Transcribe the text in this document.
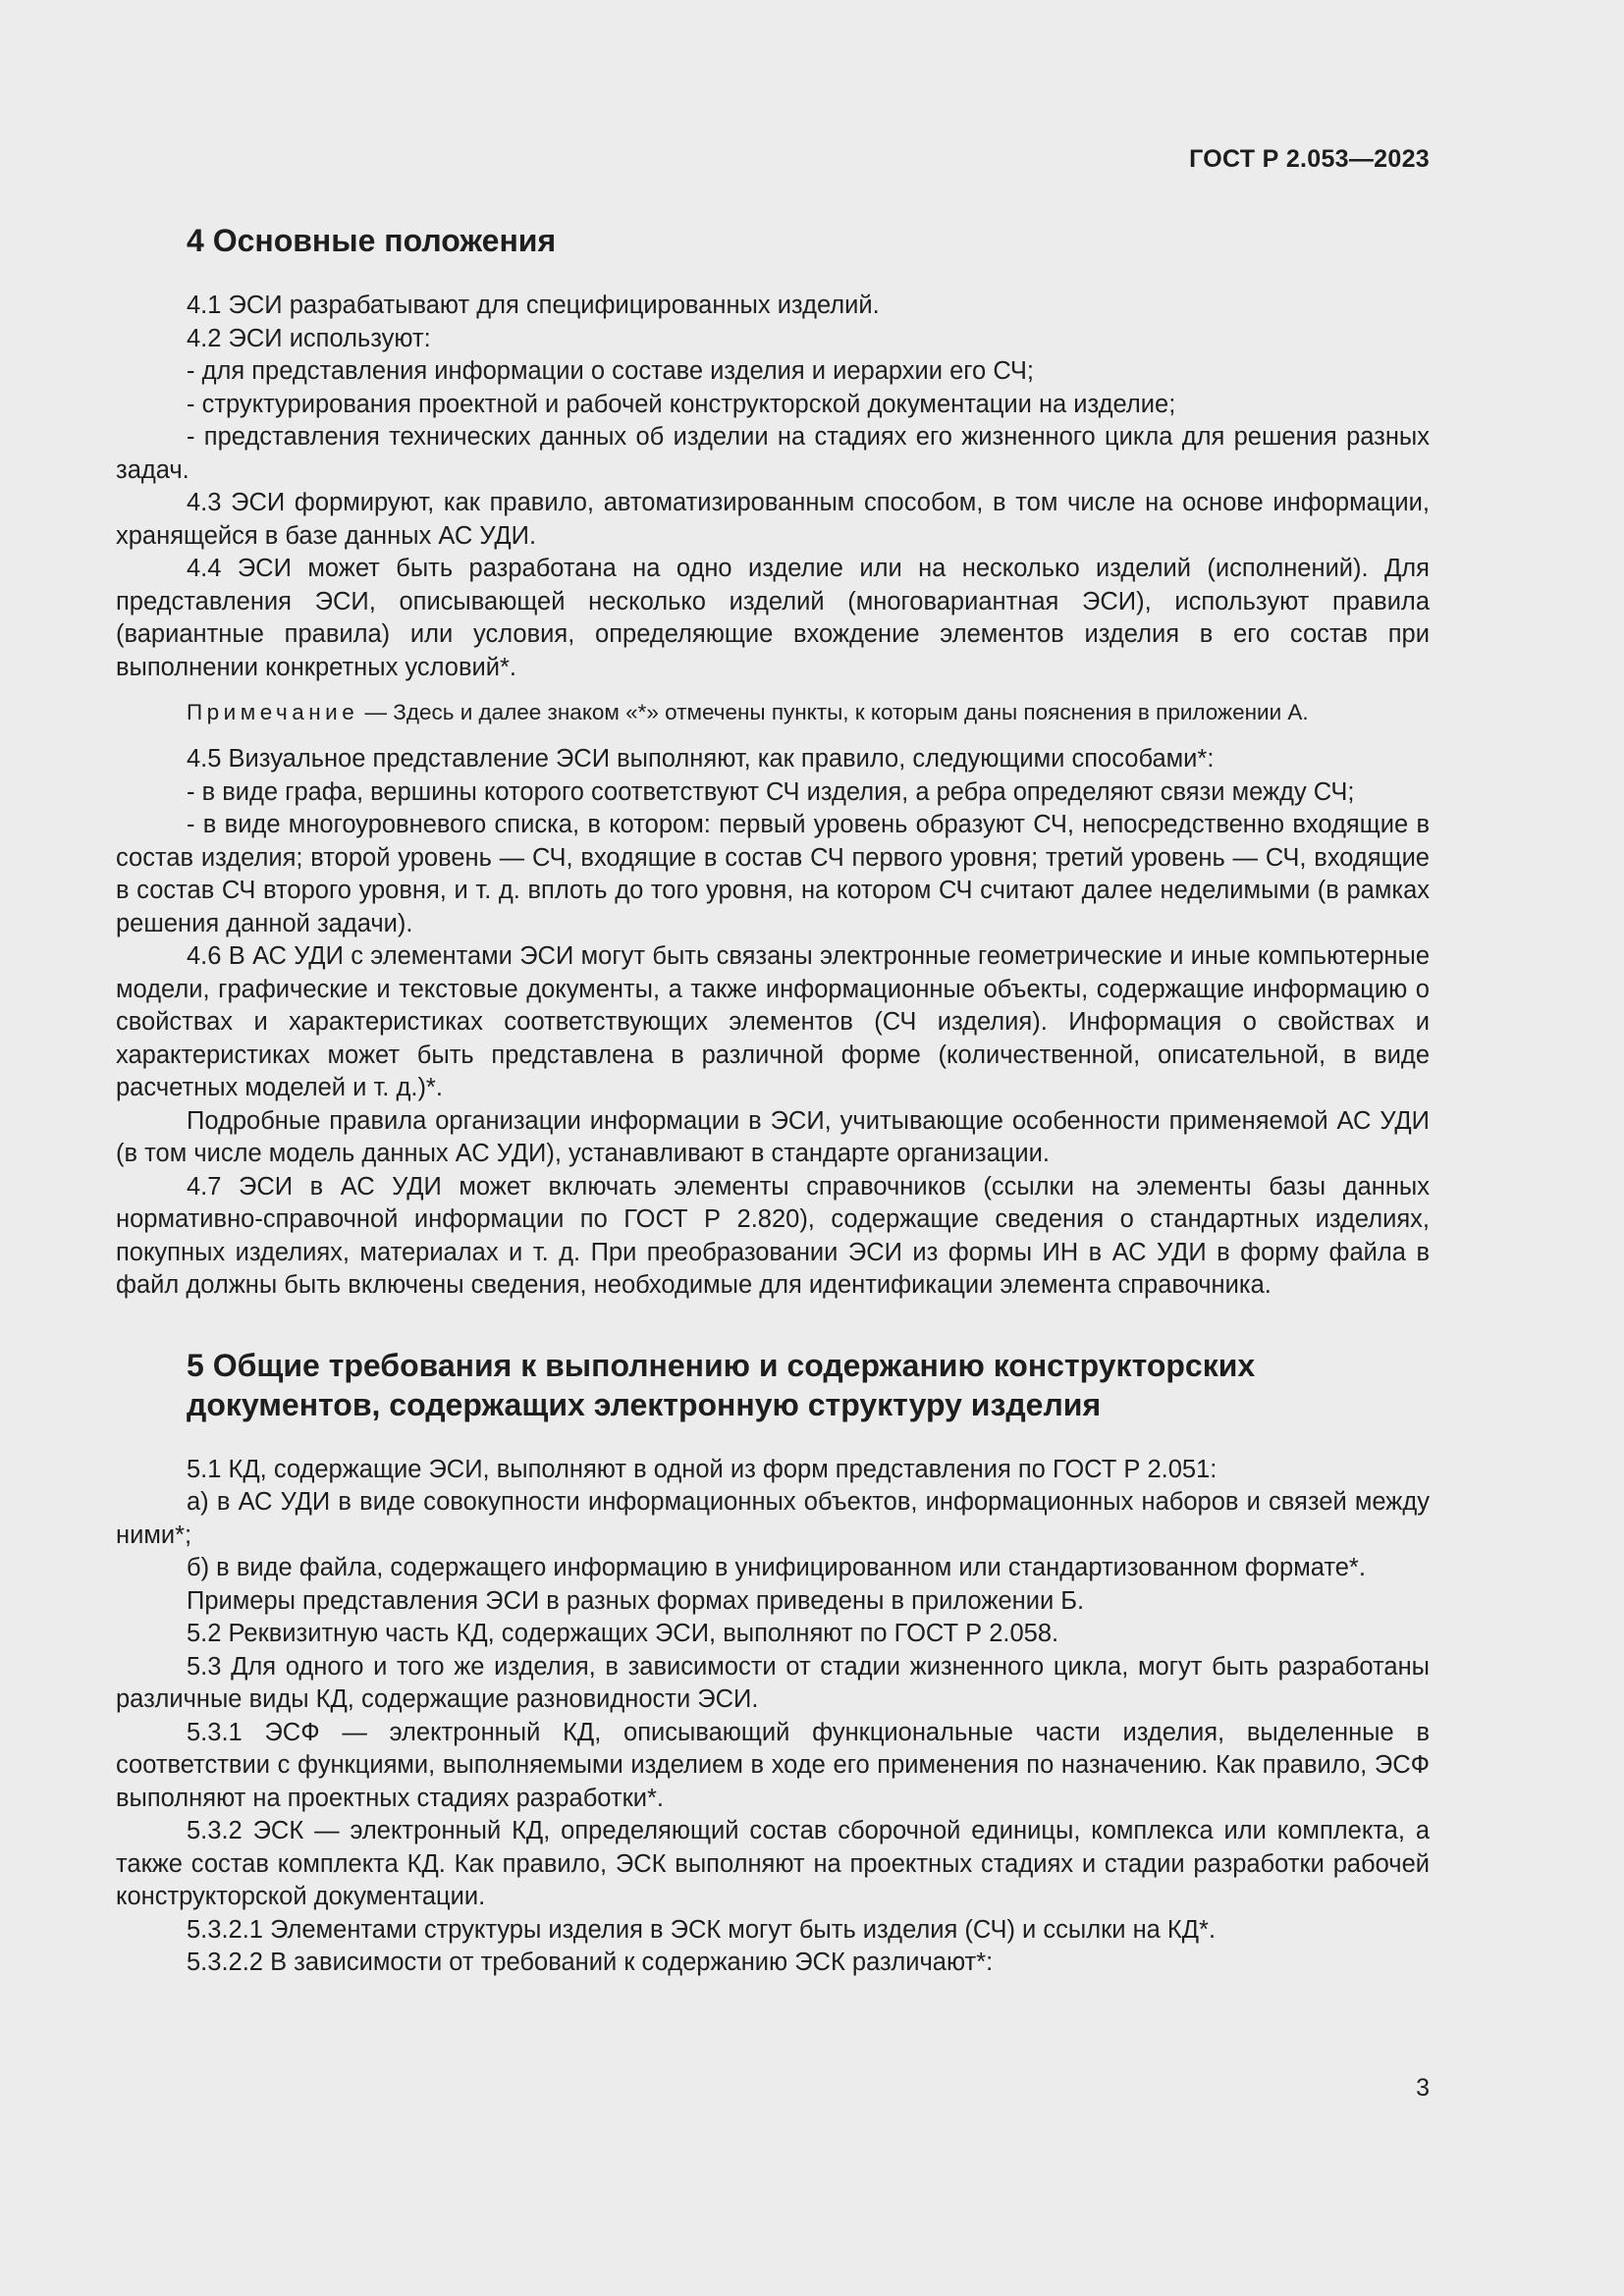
ГОСТ Р 2.053—2023
4 Основные положения

4.1 ЭСИ разрабатывают для специфицированных изделий.

4.2 ЭСИ используют:

- для представления информации о составе изделия и иерархии его СЧ;

- структурирования проектной и рабочей конструкторской документации на изделие;

- представления технических данных об изделии на стадиях его жизненного цикла для решения разных задач.

4.3 ЭСИ формируют, как правило, автоматизированным способом, в том числе на основе информации, хранящейся в базе данных АС УДИ.

4.4 ЭСИ может быть разработана на одно изделие или на несколько изделий (исполнений). Для представления ЭСИ, описывающей несколько изделий (многовариантная ЭСИ), используют правила (вариантные правила) или условия, определяющие вхождение элементов изделия в его состав при выполнении конкретных условий*.

Примечание — Здесь и далее знаком «*» отмечены пункты, к которым даны пояснения в приложении А.

4.5 Визуальное представление ЭСИ выполняют, как правило, следующими способами*:

- в виде графа, вершины которого соответствуют СЧ изделия, а ребра определяют связи между СЧ;

- в виде многоуровневого списка, в котором: первый уровень образуют СЧ, непосредственно входящие в состав изделия; второй уровень — СЧ, входящие в состав СЧ первого уровня; третий уровень — СЧ, входящие в состав СЧ второго уровня, и т. д. вплоть до того уровня, на котором СЧ считают далее неделимыми (в рамках решения данной задачи).

4.6 В АС УДИ с элементами ЭСИ могут быть связаны электронные геометрические и иные компьютерные модели, графические и текстовые документы, а также информационные объекты, содержащие информацию о свойствах и характеристиках соответствующих элементов (СЧ изделия). Информация о свойствах и характеристиках может быть представлена в различной форме (количественной, описательной, в виде расчетных моделей и т. д.)*.

Подробные правила организации информации в ЭСИ, учитывающие особенности применяемой АС УДИ (в том числе модель данных АС УДИ), устанавливают в стандарте организации.

4.7 ЭСИ в АС УДИ может включать элементы справочников (ссылки на элементы базы данных нормативно-справочной информации по ГОСТ Р 2.820), содержащие сведения о стандартных изделиях, покупных изделиях, материалах и т. д. При преобразовании ЭСИ из формы ИН в АС УДИ в форму файла в файл должны быть включены сведения, необходимые для идентификации элемента справочника.

5 Общие требования к выполнению и содержанию конструкторских документов, содержащих электронную структуру изделия

5.1 КД, содержащие ЭСИ, выполняют в одной из форм представления по ГОСТ Р 2.051:

а) в АС УДИ в виде совокупности информационных объектов, информационных наборов и связей между ними*;

б) в виде файла, содержащего информацию в унифицированном или стандартизованном формате*.

Примеры представления ЭСИ в разных формах приведены в приложении Б.

5.2 Реквизитную часть КД, содержащих ЭСИ, выполняют по ГОСТ Р 2.058.

5.3 Для одного и того же изделия, в зависимости от стадии жизненного цикла, могут быть разработаны различные виды КД, содержащие разновидности ЭСИ.

5.3.1 ЭСФ — электронный КД, описывающий функциональные части изделия, выделенные в соответствии с функциями, выполняемыми изделием в ходе его применения по назначению. Как правило, ЭСФ выполняют на проектных стадиях разработки*.

5.3.2 ЭСК — электронный КД, определяющий состав сборочной единицы, комплекса или комплекта, а также состав комплекта КД. Как правило, ЭСК выполняют на проектных стадиях и стадии разработки рабочей конструкторской документации.

5.3.2.1 Элементами структуры изделия в ЭСК могут быть изделия (СЧ) и ссылки на КД*.

5.3.2.2 В зависимости от требований к содержанию ЭСК различают*:

3
